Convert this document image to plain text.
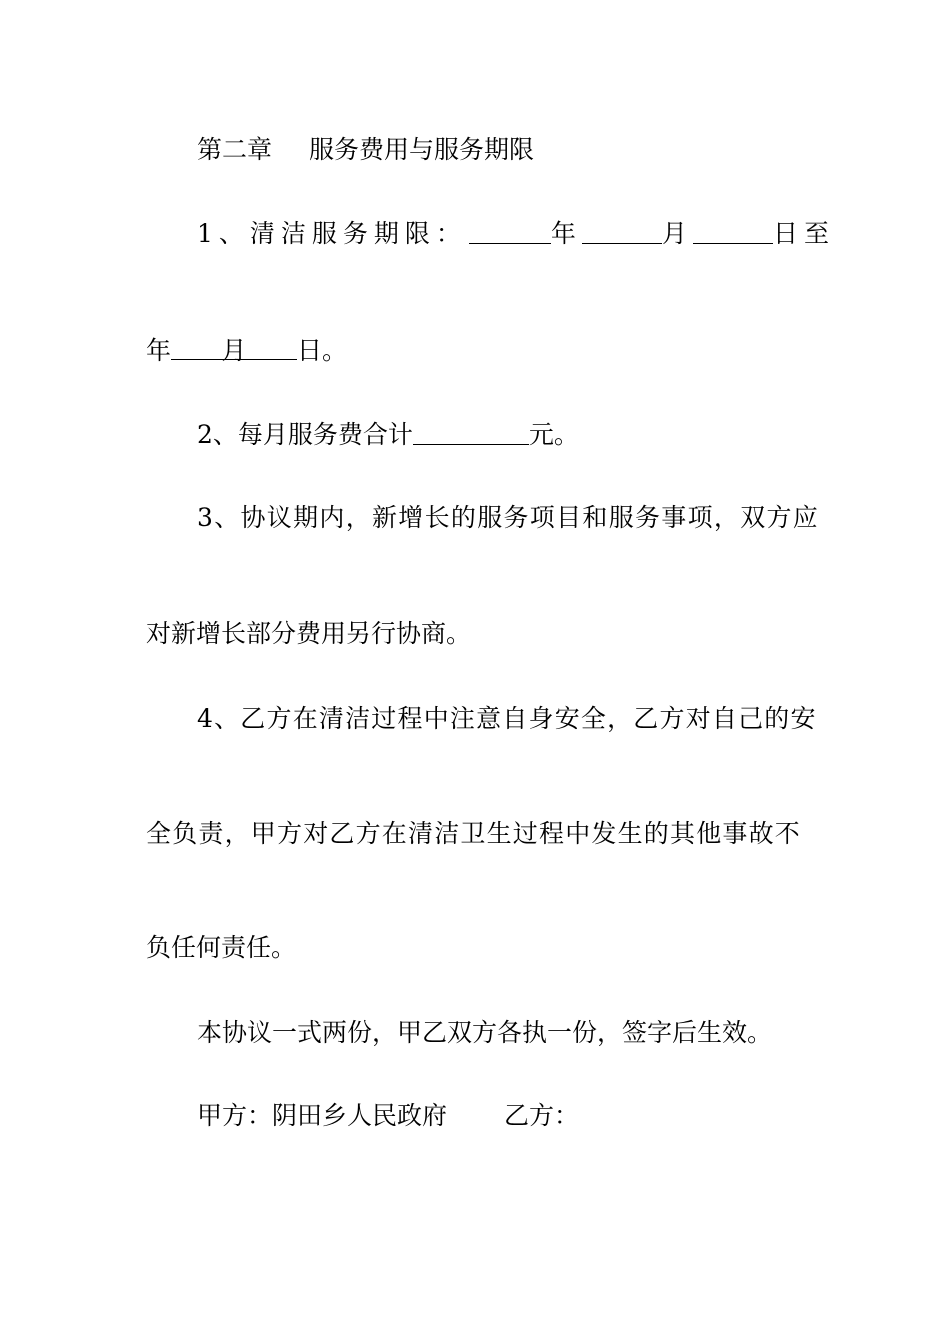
第二章 服务费用与服务期限
1、清洁服务期限：	年	月	日至
年 月 日。
2、每月服务费合计	元。
3、协议期内，新增长的服务项目和服务事项，双方应
对新增长部分费用另行协商。
4、乙方在清洁过程中注意自身安全，乙方对自己的安
全负责，甲方对乙方在清洁卫生过程中发生的其他事故不
负任何责任。
本协议一式两份，甲乙双方各执一份，签字后生效。
甲方：阴田乡人民政府 乙方：
